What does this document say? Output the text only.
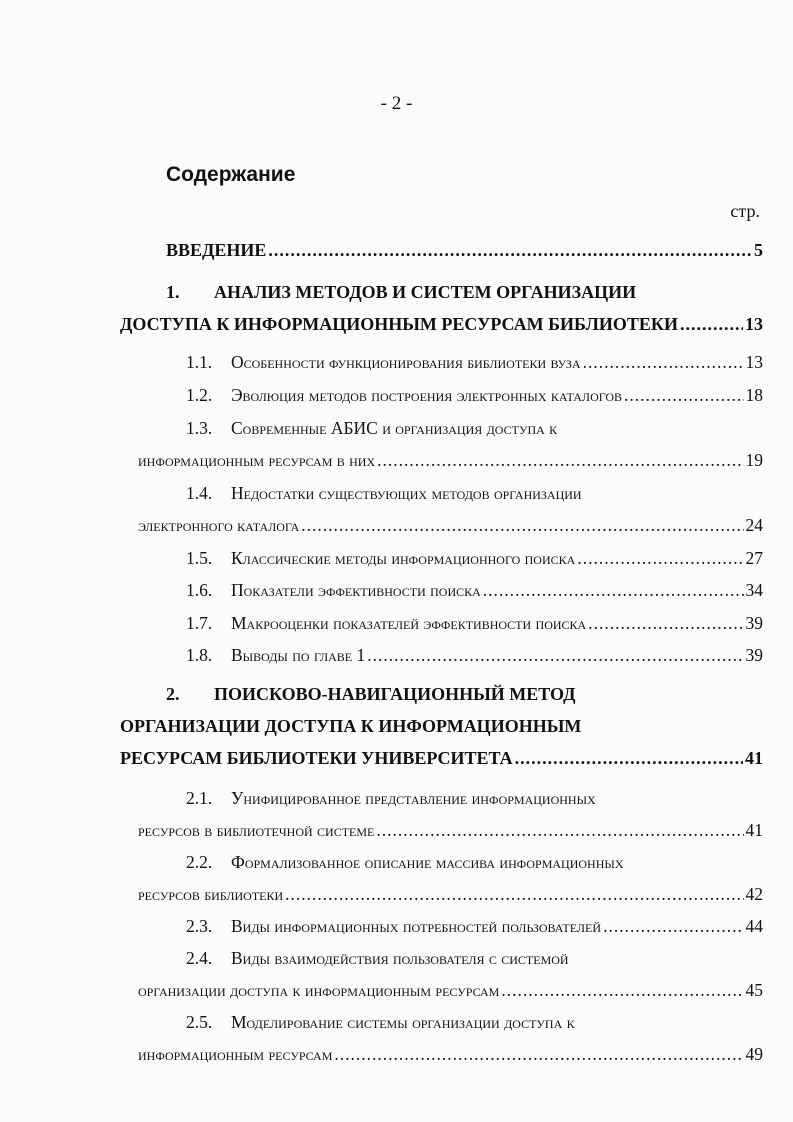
- 2 -
Содержание
стр.
ВВЕДЕНИЕ .....	5
1.	АНАЛИЗ МЕТОДОВ И СИСТЕМ ОРГАНИЗАЦИИ
ДОСТУПА К ИНФОРМАЦИОННЫМ РЕСУРСАМ БИБЛИОТЕКИ .....	13
1.1.	Особенности функционирования библиотеки вуза .....	13
1.2.	Эволюция методов построения электронных каталогов .....	18
1.3.	Современные АБИС и организация доступа к
информационным ресурсам в них .....	19
1.4.	Недостатки существующих методов организации
электронного каталога .....	24
1.5.	Классические методы информационного поиска .....	27
1.6.	Показатели эффективности поиска .....	34
1.7.	Макрооценки показателей эффективности поиска .....	39
1.8.	Выводы по главе 1 .....	39
2.	ПОИСКОВО-НАВИГАЦИОННЫЙ МЕТОД
ОРГАНИЗАЦИИ ДОСТУПА К ИНФОРМАЦИОННЫМ
РЕСУРСАМ БИБЛИОТЕКИ УНИВЕРСИТЕТА .....	41
2.1.	Унифицированное представление информационных
ресурсов в библиотечной системе .....	41
2.2.	Формализованное описание массива информационных
ресурсов библиотеки .....	42
2.3.	Виды информационных потребностей пользователей .....	44
2.4.	Виды взаимодействия пользователя с системой
организации доступа к информационным ресурсам .....	45
2.5.	Моделирование системы организации доступа к
информационным ресурсам .....	49
